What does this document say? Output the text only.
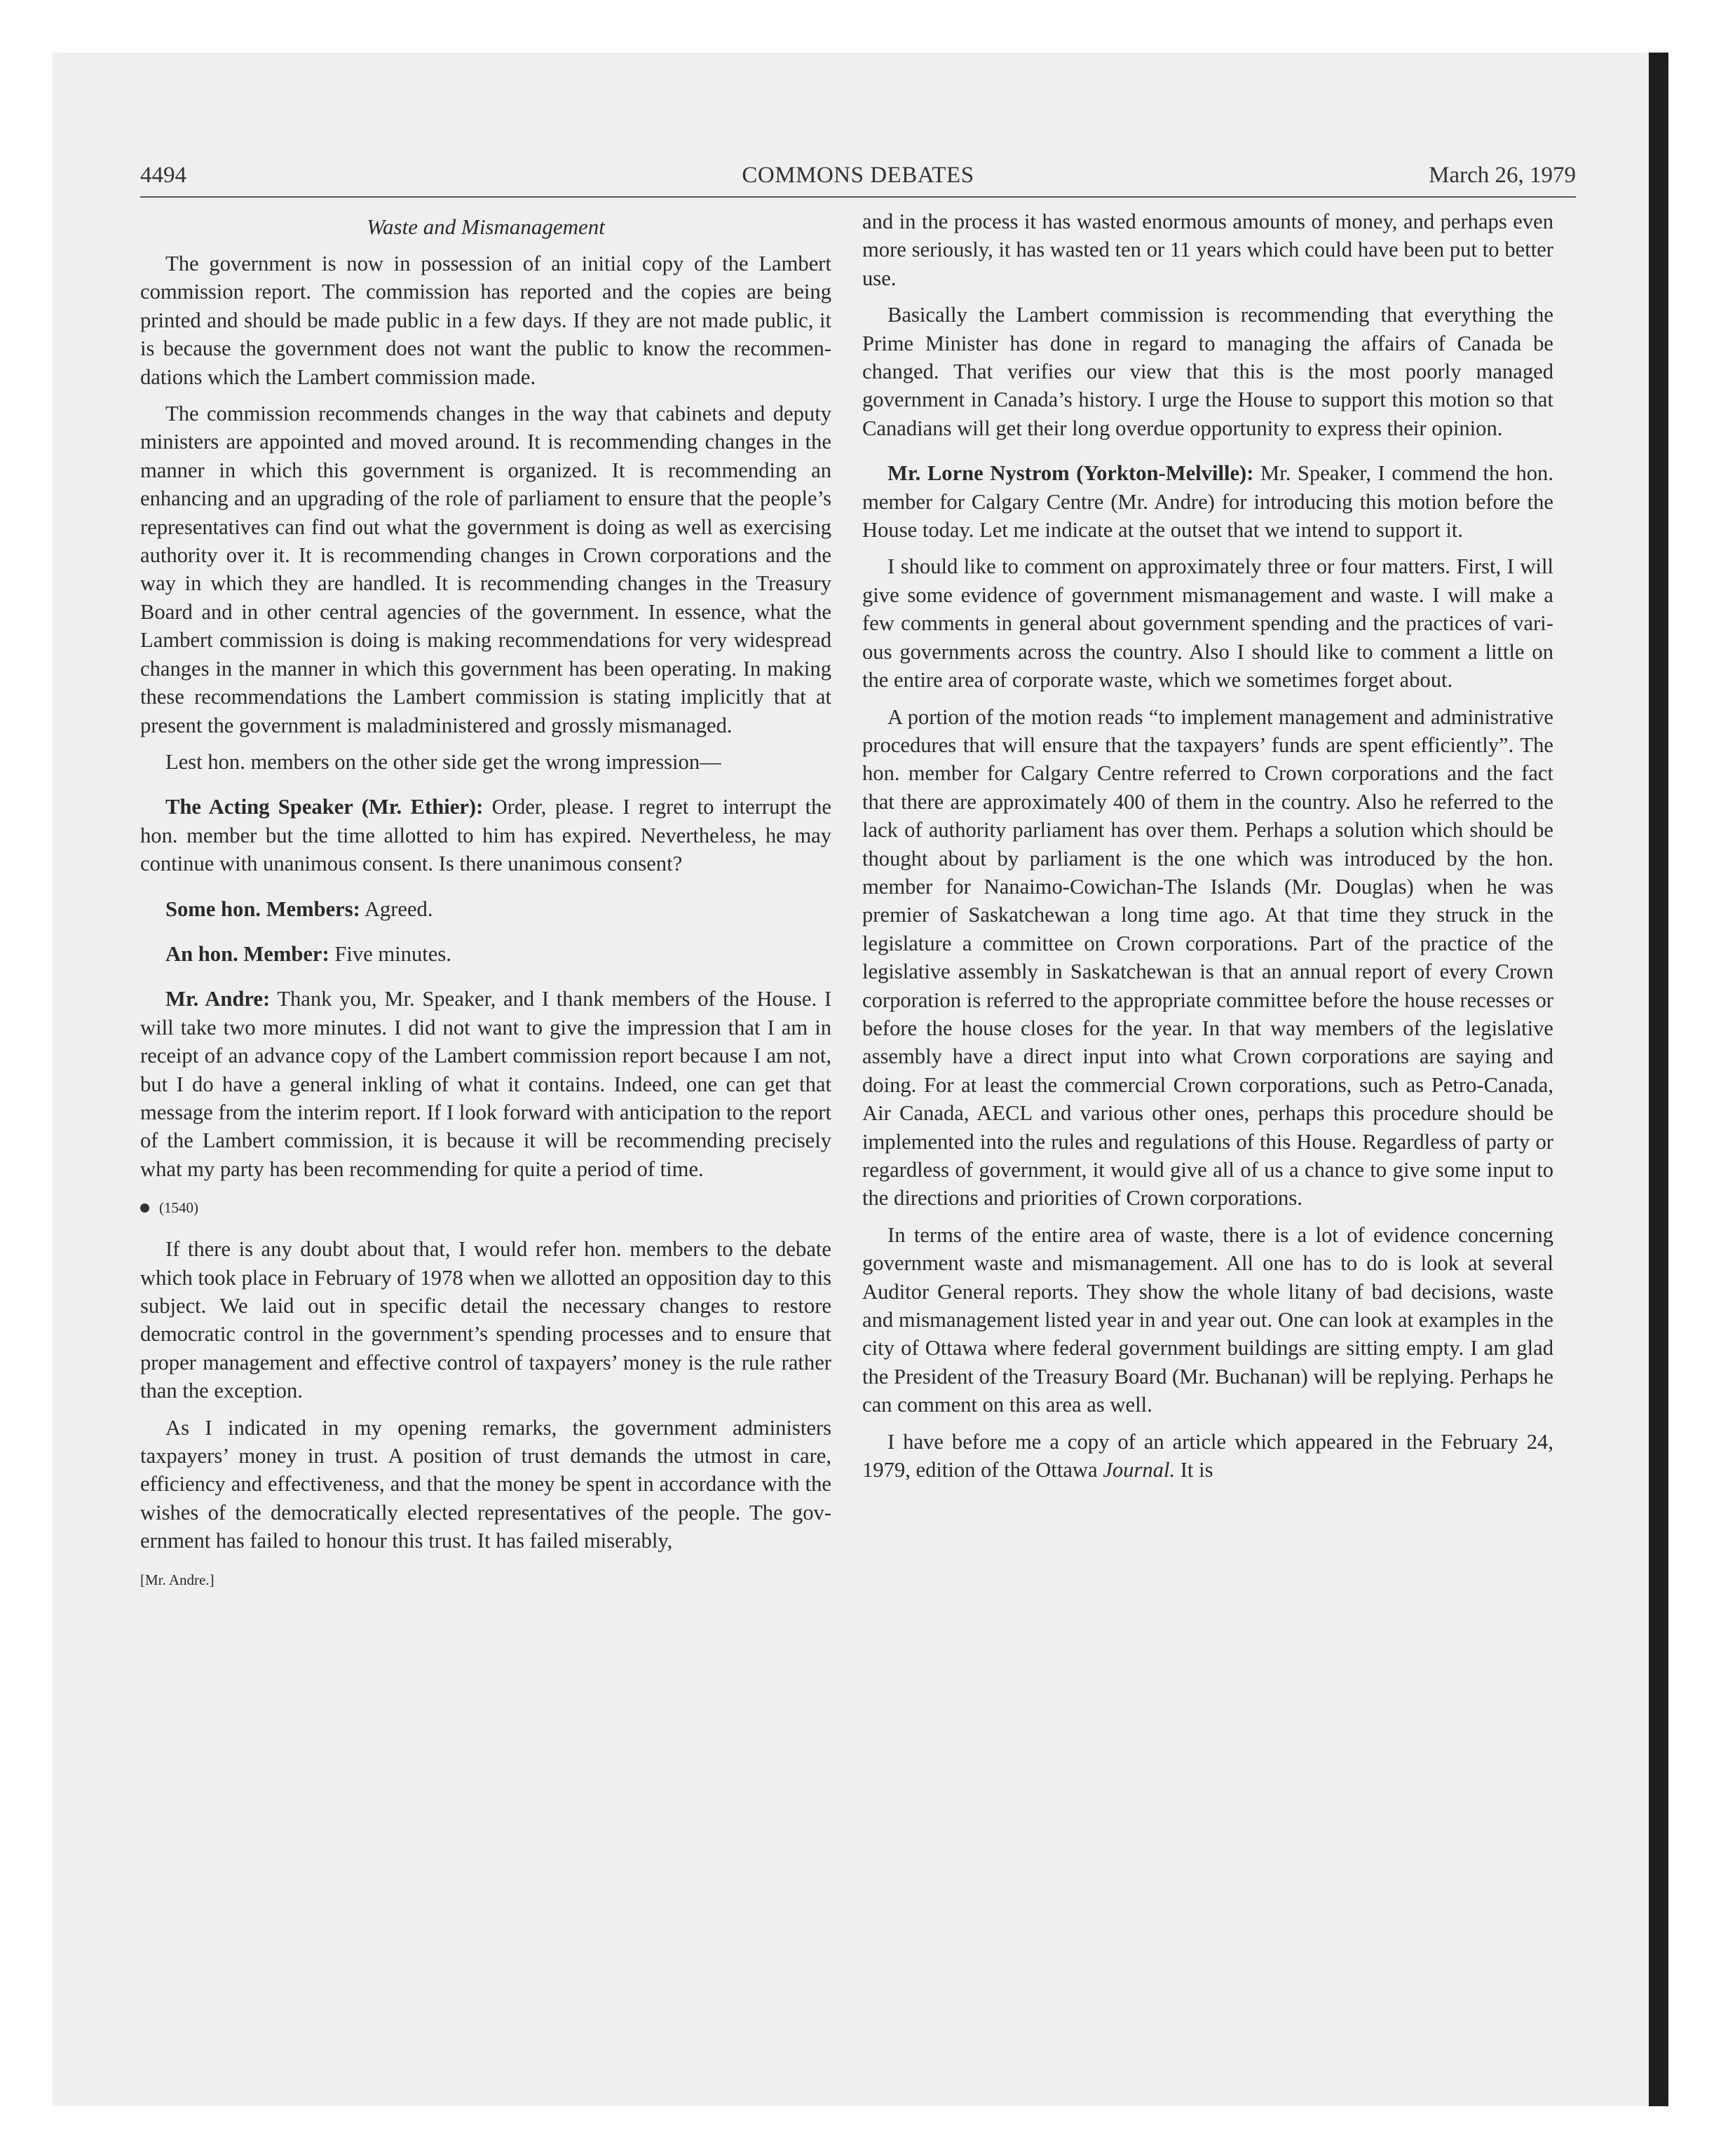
4494	COMMONS DEBATES	March 26, 1979
Waste and Mismanagement

The government is now in possession of an initial copy of the Lambert commission report. The commission has reported and the copies are being printed and should be made public in a few days. If they are not made public, it is because the government does not want the public to know the recommendations which the Lambert commission made.

The commission recommends changes in the way that cabinets and deputy ministers are appointed and moved around. It is recommending changes in the manner in which this government is organized. It is recommending an enhancing and an upgrading of the role of parliament to ensure that the people’s representatives can find out what the government is doing as well as exercising authority over it. It is recommending changes in Crown corporations and the way in which they are handled. It is recommending changes in the Treasury Board and in other central agencies of the government. In essence, what the Lambert commission is doing is making recommendations for very widespread changes in the manner in which this government has been operating. In making these recommendations the Lambert commission is stating implicitly that at present the government is maladministered and grossly mismanaged.

Lest hon. members on the other side get the wrong impression—

The Acting Speaker (Mr. Ethier): Order, please. I regret to interrupt the hon. member but the time allotted to him has expired. Nevertheless, he may continue with unanimous consent. Is there unanimous consent?

Some hon. Members: Agreed.

An hon. Member: Five minutes.

Mr. Andre: Thank you, Mr. Speaker, and I thank members of the House. I will take two more minutes. I did not want to give the impression that I am in receipt of an advance copy of the Lambert commission report because I am not, but I do have a general inkling of what it contains. Indeed, one can get that message from the interim report. If I look forward with anticipation to the report of the Lambert commission, it is because it will be recommending precisely what my party has been recommending for quite a period of time.

(1540)

If there is any doubt about that, I would refer hon. members to the debate which took place in February of 1978 when we allotted an opposition day to this subject. We laid out in specific detail the necessary changes to restore democratic control in the government’s spending processes and to ensure that proper management and effective control of taxpayers’ money is the rule rather than the exception.

As I indicated in my opening remarks, the government administers taxpayers’ money in trust. A position of trust demands the utmost in care, efficiency and effectiveness, and that the money be spent in accordance with the wishes of the democratically elected representatives of the people. The government has failed to honour this trust. It has failed miserably,

[Mr. Andre.]

and in the process it has wasted enormous amounts of money, and perhaps even more seriously, it has wasted ten or 11 years which could have been put to better use.

Basically the Lambert commission is recommending that everything the Prime Minister has done in regard to managing the affairs of Canada be changed. That verifies our view that this is the most poorly managed government in Canada’s history. I urge the House to support this motion so that Canadians will get their long overdue opportunity to express their opinion.

Mr. Lorne Nystrom (Yorkton-Melville): Mr. Speaker, I commend the hon. member for Calgary Centre (Mr. Andre) for introducing this motion before the House today. Let me indicate at the outset that we intend to support it.

I should like to comment on approximately three or four matters. First, I will give some evidence of government mismanagement and waste. I will make a few comments in general about government spending and the practices of various governments across the country. Also I should like to comment a little on the entire area of corporate waste, which we sometimes forget about.

A portion of the motion reads “to implement management and administrative procedures that will ensure that the taxpayers’ funds are spent efficiently”. The hon. member for Calgary Centre referred to Crown corporations and the fact that there are approximately 400 of them in the country. Also he referred to the lack of authority parliament has over them. Perhaps a solution which should be thought about by parliament is the one which was introduced by the hon. member for Nanaimo-Cowichan-The Islands (Mr. Douglas) when he was premier of Saskatchewan a long time ago. At that time they struck in the legislature a committee on Crown corporations. Part of the practice of the legislative assembly in Saskatchewan is that an annual report of every Crown corporation is referred to the appropriate committee before the house recesses or before the house closes for the year. In that way members of the legislative assembly have a direct input into what Crown corporations are saying and doing. For at least the commercial Crown corporations, such as Petro-Canada, Air Canada, AECL and various other ones, perhaps this procedure should be implemented into the rules and regulations of this House. Regardless of party or regardless of government, it would give all of us a chance to give some input to the directions and priorities of Crown corporations.

In terms of the entire area of waste, there is a lot of evidence concerning government waste and mismanagement. All one has to do is look at several Auditor General reports. They show the whole litany of bad decisions, waste and mismanagement listed year in and year out. One can look at examples in the city of Ottawa where federal government buildings are sitting empty. I am glad the President of the Treasury Board (Mr. Buchanan) will be replying. Perhaps he can comment on this area as well.

I have before me a copy of an article which appeared in the February 24, 1979, edition of the Ottawa Journal. It is
